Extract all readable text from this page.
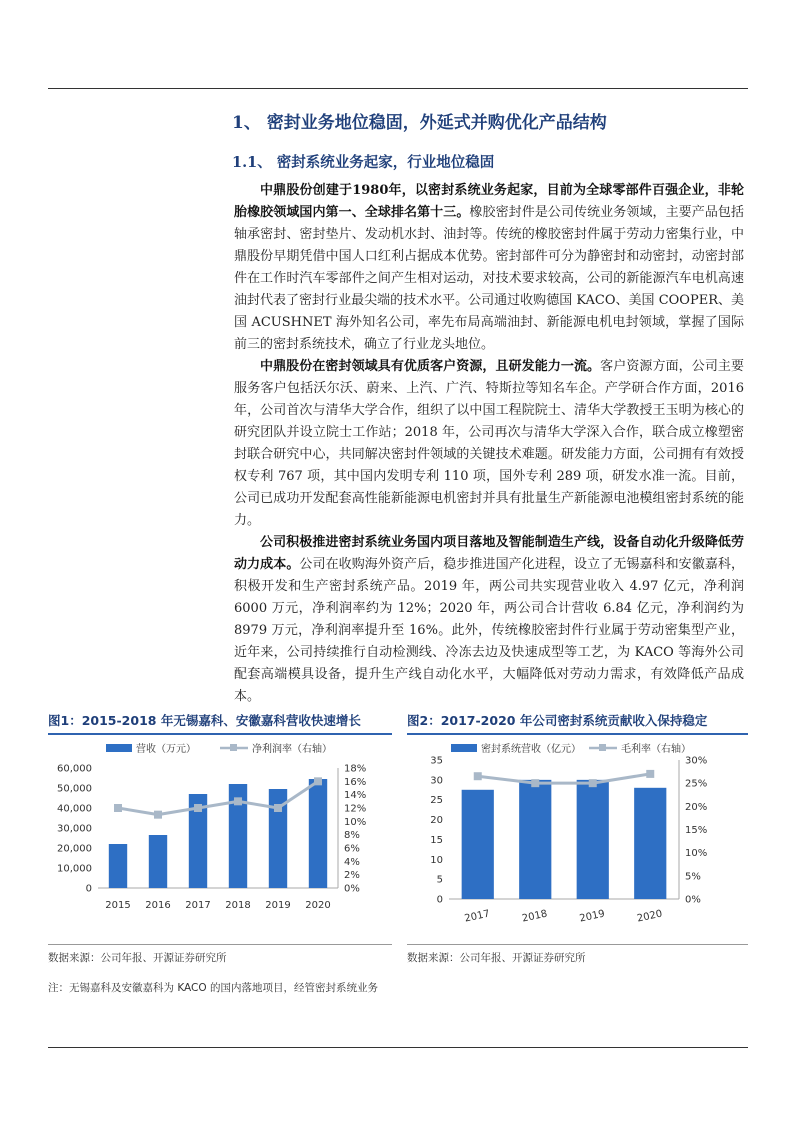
1、 密封业务地位稳固，外延式并购优化产品结构
1.1、 密封系统业务起家，行业地位稳固
中鼎股份创建于1980年，以密封系统业务起家，目前为全球零部件百强企业，非轮胎橡胶领域国内第一、全球排名第十三。橡胶密封件是公司传统业务领域，主要产品包括轴承密封、密封垫片、发动机水封、油封等。传统的橡胶密封件属于劳动力密集行业，中鼎股份早期凭借中国人口红利占据成本优势。密封部件可分为静密封和动密封，动密封部件在工作时汽车零部件之间产生相对运动，对技术要求较高，公司的新能源汽车电机高速油封代表了密封行业最尖端的技术水平。公司通过收购德国 KACO、美国 COOPER、美国 ACUSHNET 海外知名公司，率先布局高端油封、新能源电机电封领域，掌握了国际前三的密封系统技术，确立了行业龙头地位。
中鼎股份在密封领域具有优质客户资源，且研发能力一流。客户资源方面，公司主要服务客户包括沃尔沃、蔚来、上汽、广汽、特斯拉等知名车企。产学研合作方面，2016 年，公司首次与清华大学合作，组织了以中国工程院院士、清华大学教授王玉明为核心的研究团队并设立院士工作站；2018 年，公司再次与清华大学深入合作，联合成立橡塑密封联合研究中心，共同解决密封件领域的关键技术难题。研发能力方面，公司拥有有效授权专利 767 项，其中国内发明专利 110 项，国外专利 289 项，研发水准一流。目前，公司已成功开发配套高性能新能源电机密封并具有批量生产新能源电池模组密封系统的能力。
公司积极推进密封系统业务国内项目落地及智能制造生产线，设备自动化升级降低劳动力成本。公司在收购海外资产后，稳步推进国产化进程，设立了无锡嘉科和安徽嘉科，积极开发和生产密封系统产品。2019 年，两公司共实现营业收入 4.97 亿元，净利润 6000 万元，净利润率约为 12%；2020 年，两公司合计营收 6.84 亿元，净利润约为 8979 万元，净利润率提升至 16%。此外，传统橡胶密封件行业属于劳动密集型产业，近年来，公司持续推行自动检测线、冷冻去边及快速成型等工艺，为 KACO 等海外公司配套高端模具设备，提升生产线自动化水平，大幅降低对劳动力需求，有效降低产品成本。
图1：2015-2018 年无锡嘉科、安徽嘉科营收快速增长
营收（万元）	净利润率（右轴）
0
10,000
20,000
30,000
40,000
50,000
60,000
0%
2%
4%
6%
8%
10%
12%
14%
16%
18%
2015 2016 2017 2018 2019 2020
数据来源：公司年报、开源证券研究所
注：无锡嘉科及安徽嘉科为 KACO 的国内落地项目，经管密封系统业务
图2：2017-2020 年公司密封系统贡献收入保持稳定
密封系统营收（亿元）	毛利率（右轴）
0
5
10
15
20
25
30
35
0%
5%
10%
15%
20%
25%
30%
2017	2018	2019	2020
数据来源：公司年报、开源证券研究所
